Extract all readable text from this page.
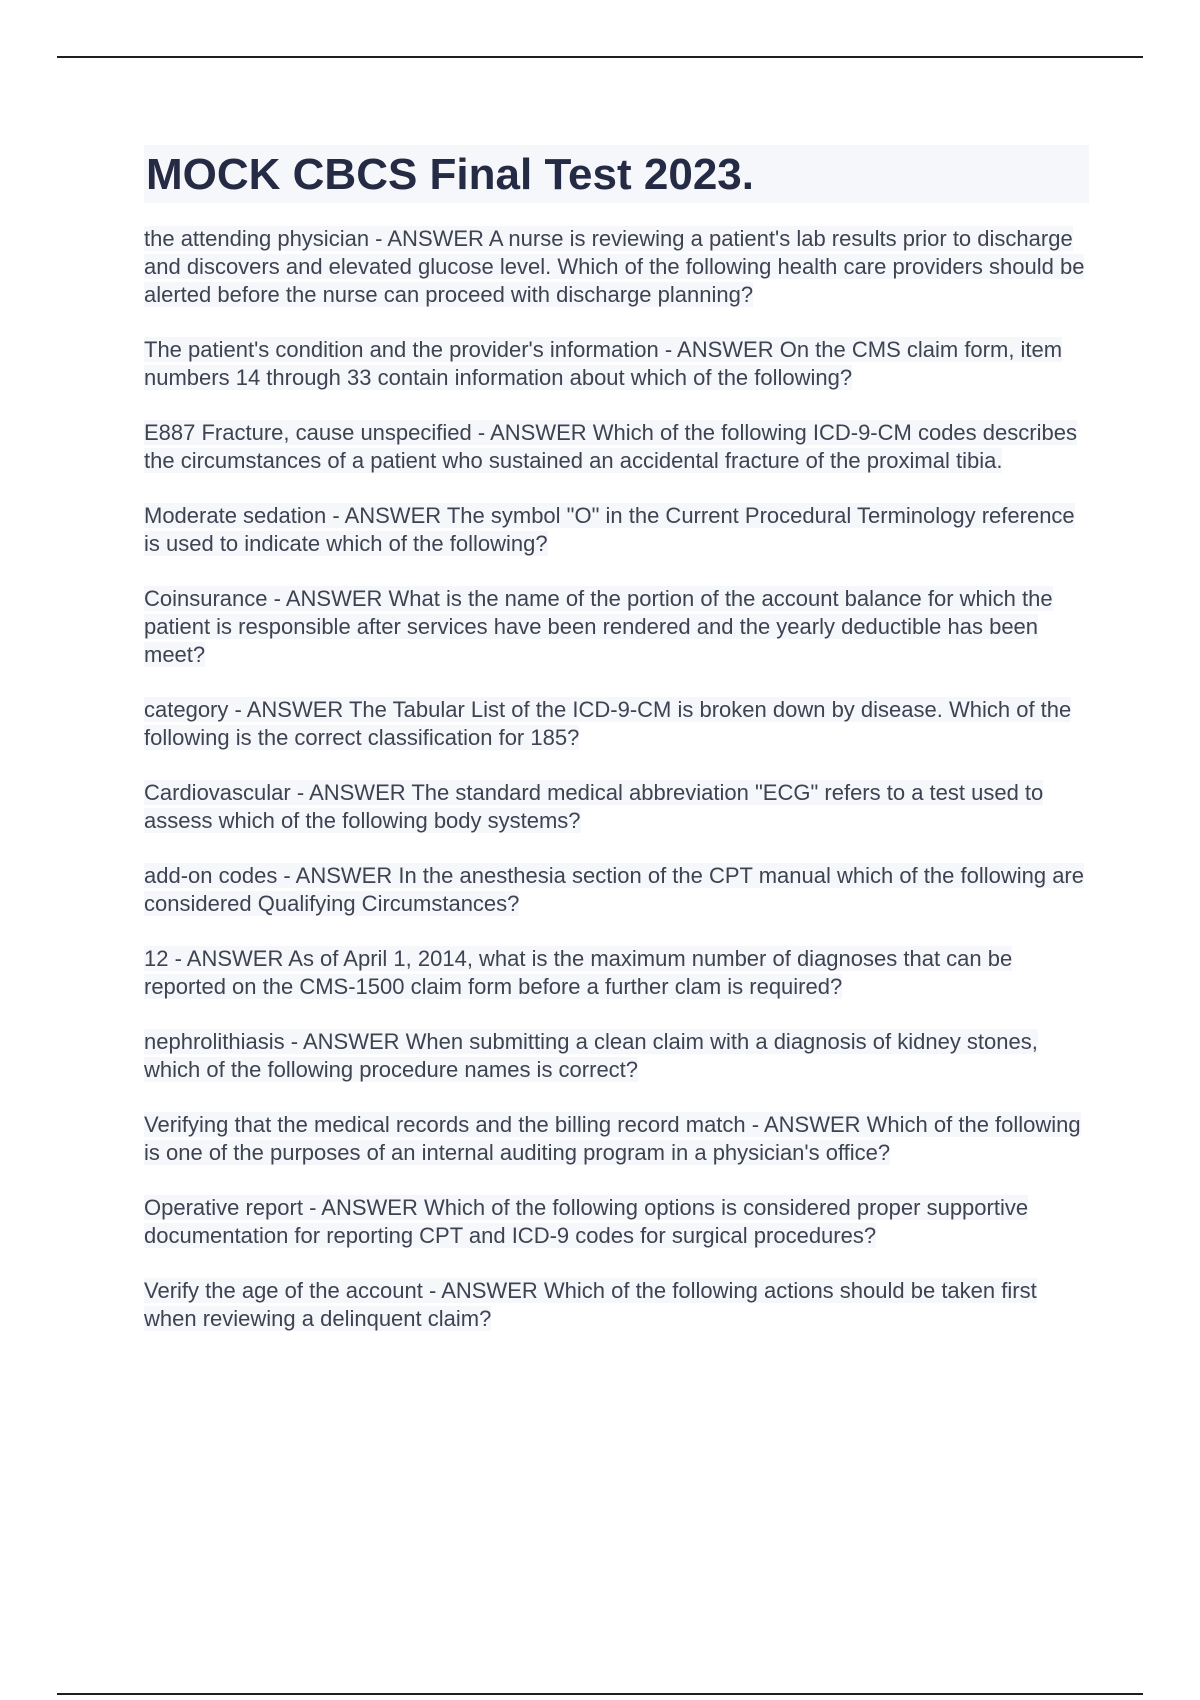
MOCK CBCS Final Test 2023.

the attending physician - ANSWER A nurse is reviewing a patient's lab results prior to discharge and discovers and elevated glucose level. Which of the following health care providers should be alerted before the nurse can proceed with discharge planning?

The patient's condition and the provider's information - ANSWER On the CMS claim form, item numbers 14 through 33 contain information about which of the following?

E887 Fracture, cause unspecified - ANSWER Which of the following ICD-9-CM codes describes the circumstances of a patient who sustained an accidental fracture of the proximal tibia.

Moderate sedation - ANSWER The symbol "O" in the Current Procedural Terminology reference is used to indicate which of the following?

Coinsurance - ANSWER What is the name of the portion of the account balance for which the patient is responsible after services have been rendered and the yearly deductible has been meet?

category - ANSWER The Tabular List of the ICD-9-CM is broken down by disease. Which of the following is the correct classification for 185?

Cardiovascular - ANSWER The standard medical abbreviation "ECG" refers to a test used to assess which of the following body systems?

add-on codes - ANSWER In the anesthesia section of the CPT manual which of the following are considered Qualifying Circumstances?

12 - ANSWER As of April 1, 2014, what is the maximum number of diagnoses that can be reported on the CMS-1500 claim form before a further clam is required?

nephrolithiasis - ANSWER When submitting a clean claim with a diagnosis of kidney stones, which of the following procedure names is correct?

Verifying that the medical records and the billing record match - ANSWER Which of the following is one of the purposes of an internal auditing program in a physician's office?

Operative report - ANSWER Which of the following options is considered proper supportive documentation for reporting CPT and ICD-9 codes for surgical procedures?

Verify the age of the account - ANSWER Which of the following actions should be taken first when reviewing a delinquent claim?
